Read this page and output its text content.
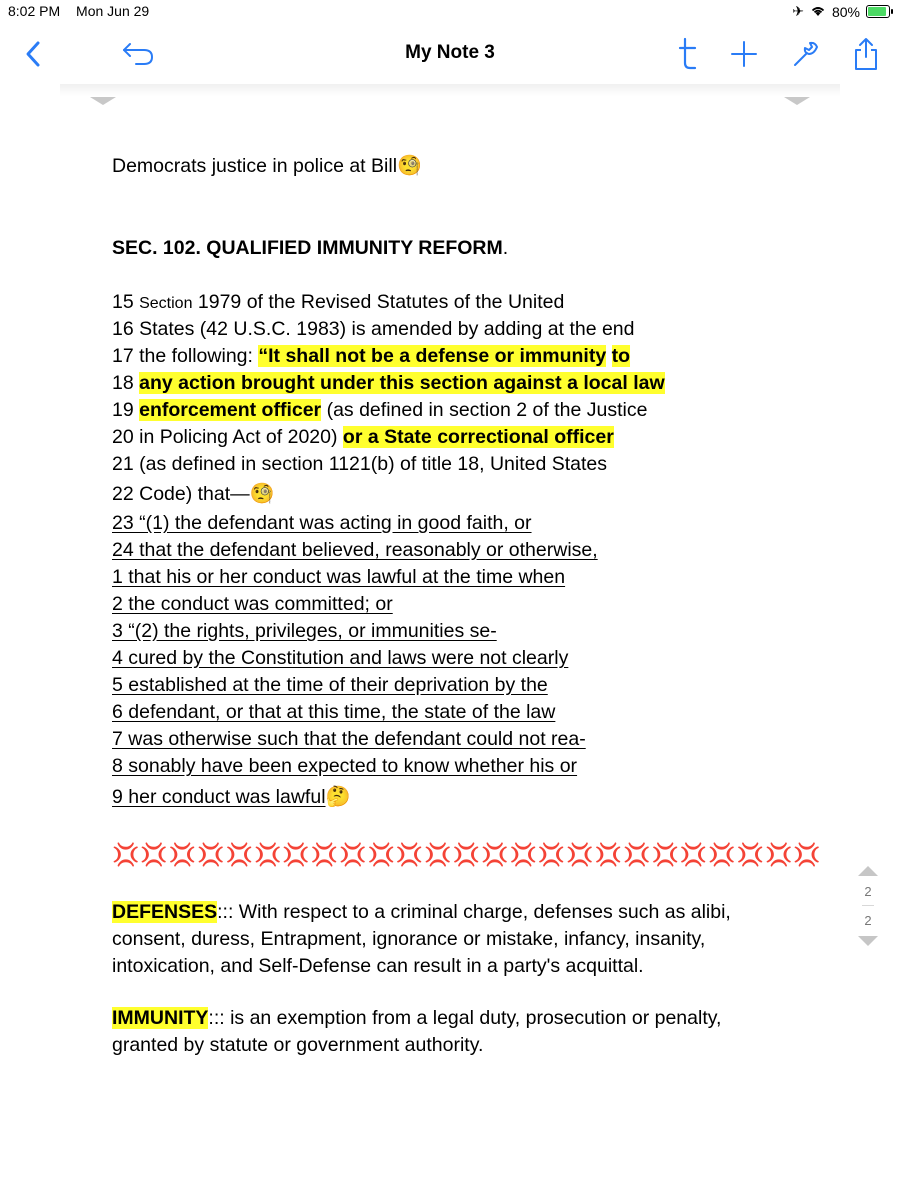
8:02 PM Mon Jun 29	✈ 80%
My Note 3
Democrats justice in police at Bill🧐
SEC. 102. QUALIFIED IMMUNITY REFORM.
15 Section 1979 of the Revised Statutes of the United
16 States (42 U.S.C. 1983) is amended by adding at the end
17 the following: “It shall not be a defense or immunity to
18 any action brought under this section against a local law
19 enforcement officer (as defined in section 2 of the Justice
20 in Policing Act of 2020) or a State correctional officer
21 (as defined in section 1121(b) of title 18, United States
22 Code) that—🧐
23 “(1) the defendant was acting in good faith, or
24 that the defendant believed, reasonably or otherwise,
1 that his or her conduct was lawful at the time when
2 the conduct was committed; or
3 “(2) the rights, privileges, or immunities se-
4 cured by the Constitution and laws were not clearly
5 established at the time of their deprivation by the
6 defendant, or that at this time, the state of the law
7 was otherwise such that the defendant could not rea-
8 sonably have been expected to know whether his or
9 her conduct was lawful🤔
💢💢💢💢💢💢💢💢💢💢💢💢💢💢💢💢💢💢💢💢💢💢💢💢💢
DEFENSES::: With respect to a criminal charge, defenses such as alibi,
consent, duress, Entrapment, ignorance or mistake, infancy, insanity,
intoxication, and Self-Defense can result in a party's acquittal.
IMMUNITY::: is an exemption from a legal duty, prosecution or penalty,
granted by statute or government authority.
2
------
2
